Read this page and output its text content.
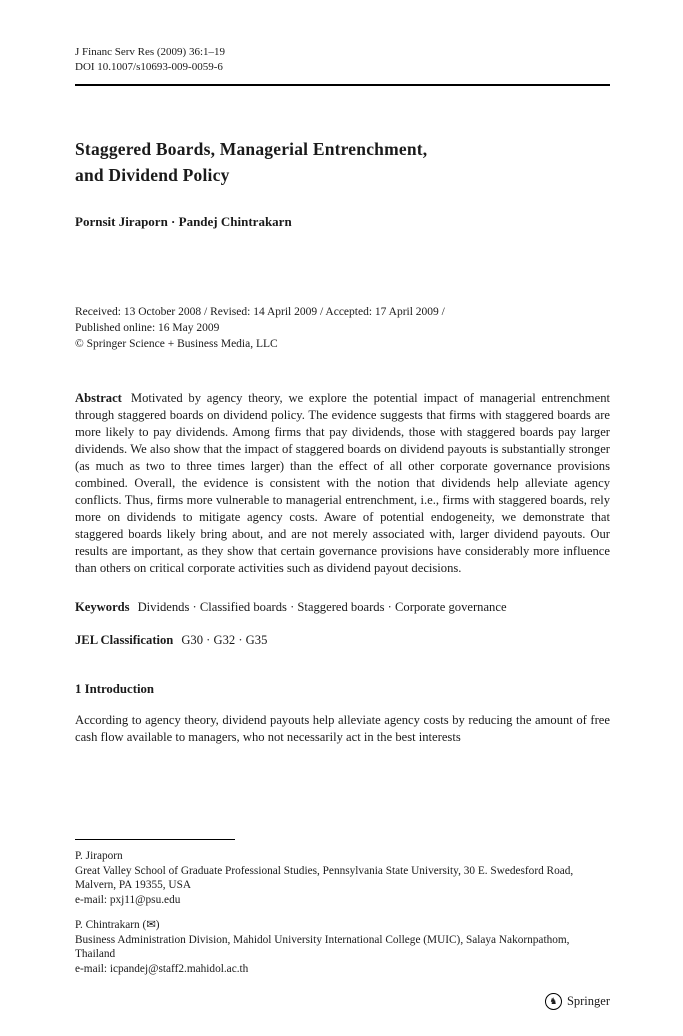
J Financ Serv Res (2009) 36:1–19
DOI 10.1007/s10693-009-0059-6
Staggered Boards, Managerial Entrenchment,
and Dividend Policy
Pornsit Jiraporn · Pandej Chintrakarn
Received: 13 October 2008 / Revised: 14 April 2009 / Accepted: 17 April 2009 /
Published online: 16 May 2009
© Springer Science + Business Media, LLC

Abstract Motivated by agency theory, we explore the potential impact of managerial entrenchment through staggered boards on dividend policy. The evidence suggests that firms with staggered boards are more likely to pay dividends. Among firms that pay dividends, those with staggered boards pay larger dividends. We also show that the impact of staggered boards on dividend payouts is substantially stronger (as much as two to three times larger) than the effect of all other corporate governance provisions combined. Overall, the evidence is consistent with the notion that dividends help alleviate agency conflicts. Thus, firms more vulnerable to managerial entrenchment, i.e., firms with staggered boards, rely more on dividends to mitigate agency costs. Aware of potential endogeneity, we demonstrate that staggered boards likely bring about, and are not merely associated with, larger dividend payouts. Our results are important, as they show that certain governance provisions have considerably more influence than others on critical corporate activities such as dividend payout decisions.

Keywords Dividends · Classified boards · Staggered boards · Corporate governance

JEL Classification G30 · G32 · G35

1 Introduction

According to agency theory, dividend payouts help alleviate agency costs by reducing the amount of free cash flow available to managers, who not necessarily act in the best interests

P. Jiraporn
Great Valley School of Graduate Professional Studies, Pennsylvania State University, 30 E. Swedesford Road, Malvern, PA 19355, USA
e-mail: pxj11@psu.edu
P. Chintrakarn (✉)
Business Administration Division, Mahidol University International College (MUIC), Salaya Nakornpathom, Thailand
e-mail: icpandej@staff2.mahidol.ac.th
♞ Springer
